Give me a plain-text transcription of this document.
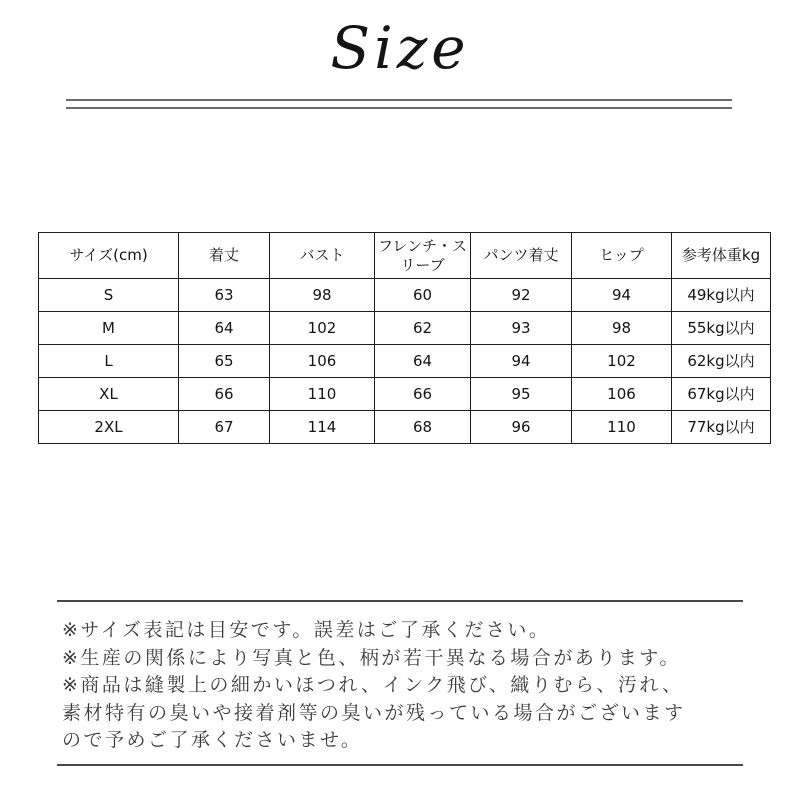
Size
サイズ(cm)	着丈	バスト	フレンチ・スリーブ	パンツ着丈	ヒップ	参考体重kg
S	63	98	60	92	94	49kg以内
M	64	102	62	93	98	55kg以内
L	65	106	64	94	102	62kg以内
XL	66	110	66	95	106	67kg以内
2XL	67	114	68	96	110	77kg以内
※サイズ表記は目安です。誤差はご了承ください。
※生産の関係により写真と色、柄が若干異なる場合があります。
※商品は縫製上の細かいほつれ、インク飛び、織りむら、汚れ、
素材特有の臭いや接着剤等の臭いが残っている場合がございます
ので予めご了承くださいませ。
